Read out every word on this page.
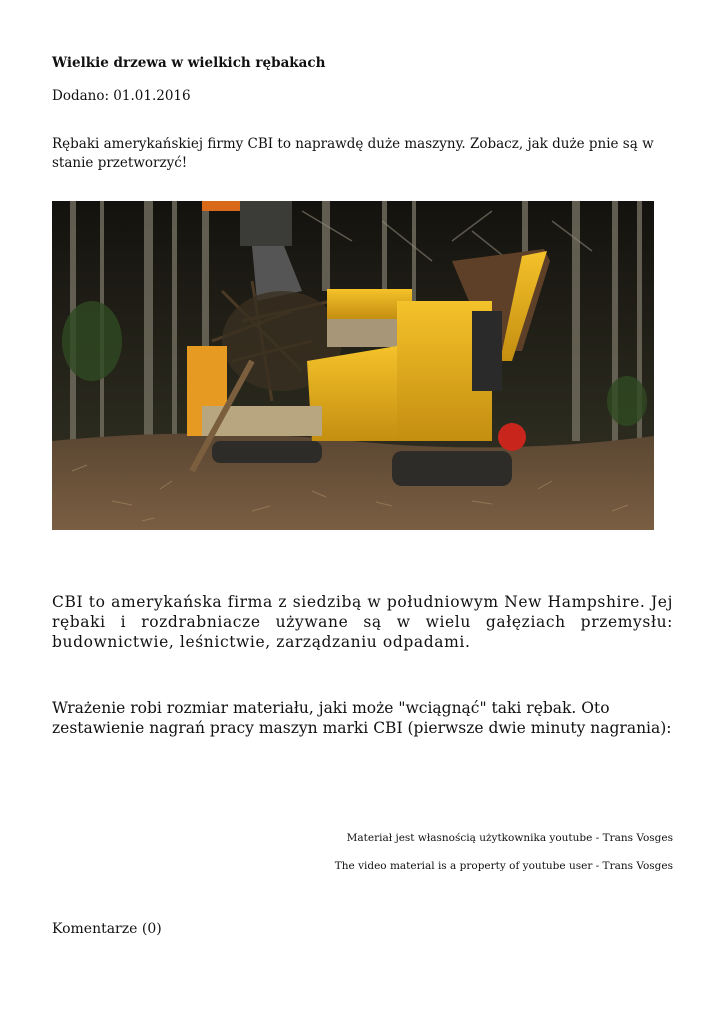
Wielkie drzewa w wielkich rębakach
Dodano: 01.01.2016
Rębaki amerykańskiej firmy CBI to naprawdę duże maszyny. Zobacz, jak duże pnie są w stanie przetworzyć!
CBI to amerykańska firma z siedzibą w południowym New Hampshire. Jej rębaki i rozdrabniacze używane są w wielu gałęziach przemysłu: budownictwie, leśnictwie, zarządzaniu odpadami.
Wrażenie robi rozmiar materiału, jaki może "wciągnąć" taki rębak. Oto zestawienie nagrań pracy maszyn marki CBI (pierwsze dwie minuty nagrania):
Materiał jest własnością użytkownika youtube - Trans Vosges
The video material is a property of youtube user - Trans Vosges
Komentarze (0)
